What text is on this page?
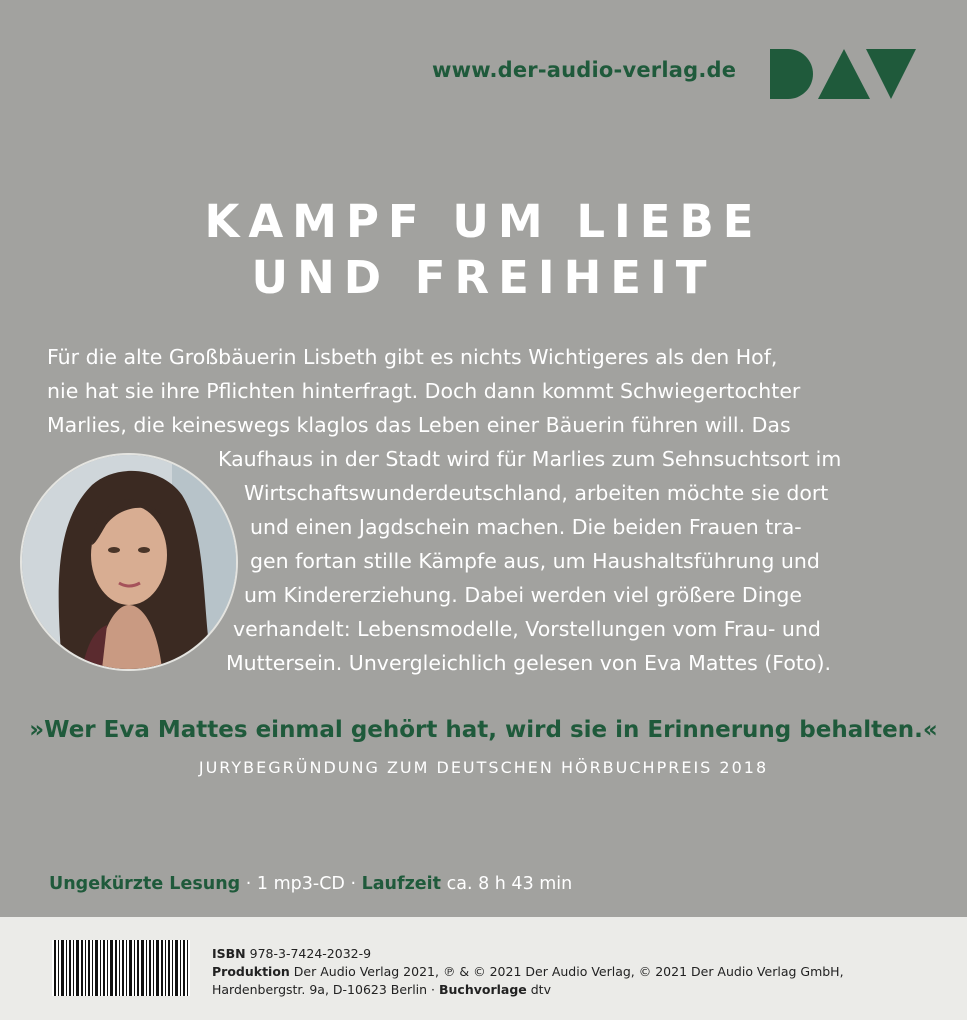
www.der-audio-verlag.de
KAMPF UM LIEBE
UND FREIHEIT
Für die alte Großbäuerin Lisbeth gibt es nichts Wichtigeres als den Hof,
nie hat sie ihre Pflichten hinterfragt. Doch dann kommt Schwiegertochter
Marlies, die keineswegs klaglos das Leben einer Bäuerin führen will. Das
Kaufhaus in der Stadt wird für Marlies zum Sehnsuchtsort im
Wirtschaftswunderdeutschland, arbeiten möchte sie dort
und einen Jagdschein machen. Die beiden Frauen tra-
gen fortan stille Kämpfe aus, um Haushaltsführung und
um Kindererziehung. Dabei werden viel größere Dinge
verhandelt: Lebensmodelle, Vorstellungen vom Frau- und
Muttersein. Unvergleichlich gelesen von Eva Mattes (Foto).
»Wer Eva Mattes einmal gehört hat, wird sie in Erinnerung behalten.«
JURYBEGRÜNDUNG ZUM DEUTSCHEN HÖRBUCHPREIS 2018
Ungekürzte Lesung · 1 mp3-CD · Laufzeit ca. 8 h 43 min
ISBN 978-3-7424-2032-9
Produktion Der Audio Verlag 2021, ℗ & © 2021 Der Audio Verlag, © 2021 Der Audio Verlag GmbH,
Hardenbergstr. 9a, D-10623 Berlin · Buchvorlage dtv
